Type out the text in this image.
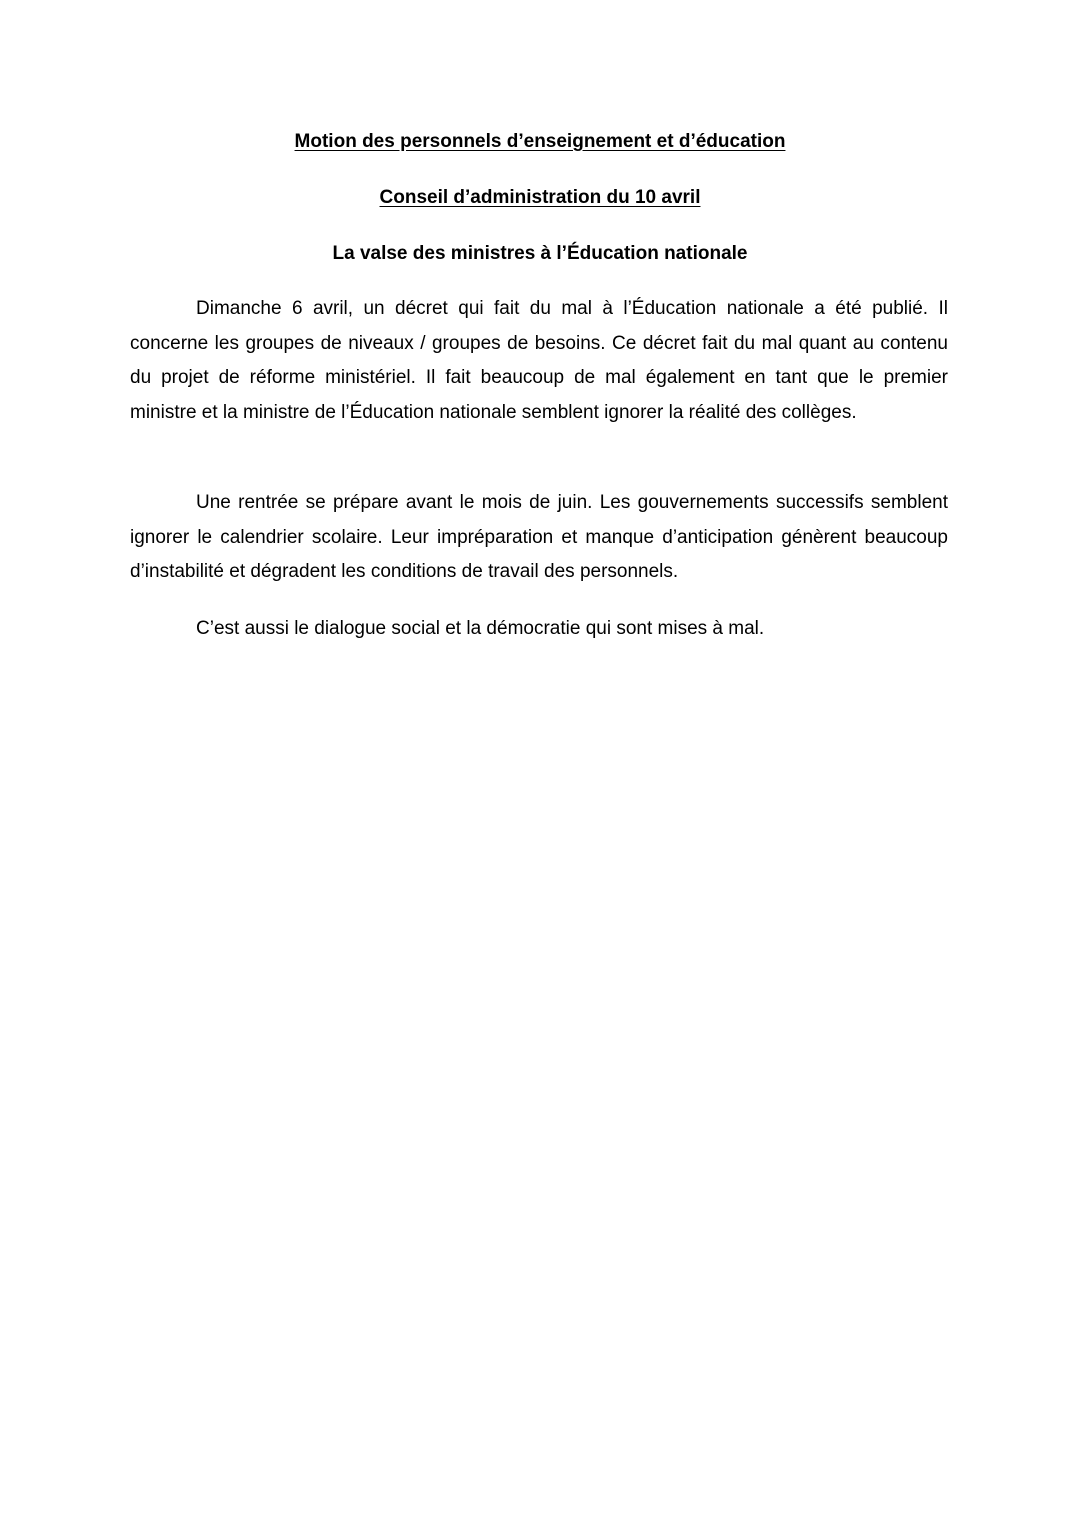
Motion des personnels d’enseignement et d’éducation
Conseil d’administration du 10 avril
La valse des ministres à l’Éducation nationale

Dimanche 6 avril, un décret qui fait du mal à l’Éducation nationale a été publié. Il concerne les groupes de niveaux / groupes de besoins. Ce décret fait du mal quant au contenu du projet de réforme ministériel. Il fait beaucoup de mal également en tant que le premier ministre et la ministre de l’Éducation nationale semblent ignorer la réalité des collèges.

Une rentrée se prépare avant le mois de juin. Les gouvernements successifs semblent ignorer le calendrier scolaire. Leur impréparation et manque d’anticipation génèrent beaucoup d’instabilité et dégradent les conditions de travail des personnels.

C’est aussi le dialogue social et la démocratie qui sont mises à mal.
